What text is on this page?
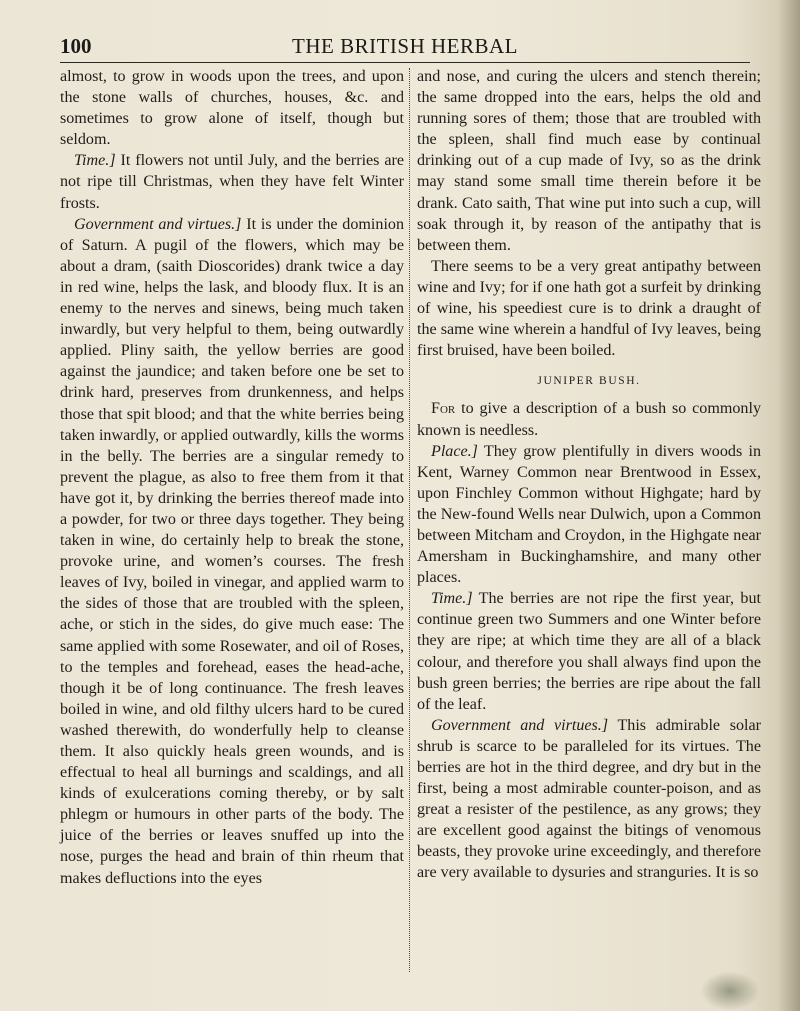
100	THE BRITISH HERBAL

almost, to grow in woods upon the trees, and upon the stone walls of churches, houses, &c. and sometimes to grow alone of itself, though but seldom.

Time.] It flowers not until July, and the berries are not ripe till Christmas, when they have felt Winter frosts.

Government and virtues.] It is under the dominion of Saturn. A pugil of the flowers, which may be about a dram, (saith Dioscorides) drank twice a day in red wine, helps the lask, and bloody flux. It is an enemy to the nerves and sinews, being much taken inwardly, but very helpful to them, being outwardly applied. Pliny saith, the yellow berries are good against the jaundice; and taken before one be set to drink hard, preserves from drunkenness, and helps those that spit blood; and that the white berries being taken inwardly, or applied outwardly, kills the worms in the belly. The berries are a singular remedy to prevent the plague, as also to free them from it that have got it, by drinking the berries thereof made into a powder, for two or three days together. They being taken in wine, do certainly help to break the stone, provoke urine, and women’s courses. The fresh leaves of Ivy, boiled in vinegar, and applied warm to the sides of those that are troubled with the spleen, ache, or stich in the sides, do give much ease: The same applied with some Rosewater, and oil of Roses, to the temples and forehead, eases the head-ache, though it be of long continuance. The fresh leaves boiled in wine, and old filthy ulcers hard to be cured washed therewith, do wonderfully help to cleanse them. It also quickly heals green wounds, and is effectual to heal all burnings and scaldings, and all kinds of exulcerations coming thereby, or by salt phlegm or humours in other parts of the body. The juice of the berries or leaves snuffed up into the nose, purges the head and brain of thin rheum that makes defluctions into the eyes

and nose, and curing the ulcers and stench therein; the same dropped into the ears, helps the old and running sores of them; those that are troubled with the spleen, shall find much ease by continual drinking out of a cup made of Ivy, so as the drink may stand some small time therein before it be drank. Cato saith, That wine put into such a cup, will soak through it, by reason of the antipathy that is between them.

There seems to be a very great antipathy between wine and Ivy; for if one hath got a surfeit by drinking of wine, his speediest cure is to drink a draught of the same wine wherein a handful of Ivy leaves, being first bruised, have been boiled.

JUNIPER BUSH.

For to give a description of a bush so commonly known is needless.

Place.] They grow plentifully in divers woods in Kent, Warney Common near Brentwood in Essex, upon Finchley Common without Highgate; hard by the New-found Wells near Dulwich, upon a Common between Mitcham and Croydon, in the Highgate near Amersham in Buckinghamshire, and many other places.

Time.] The berries are not ripe the first year, but continue green two Summers and one Winter before they are ripe; at which time they are all of a black colour, and therefore you shall always find upon the bush green berries; the berries are ripe about the fall of the leaf.

Government and virtues.] This admirable solar shrub is scarce to be paralleled for its virtues. The berries are hot in the third degree, and dry but in the first, being a most admirable counter-poison, and as great a resister of the pestilence, as any grows; they are excellent good against the bitings of venomous beasts, they provoke urine exceedingly, and therefore are very available to dysuries and stranguries. It is so
